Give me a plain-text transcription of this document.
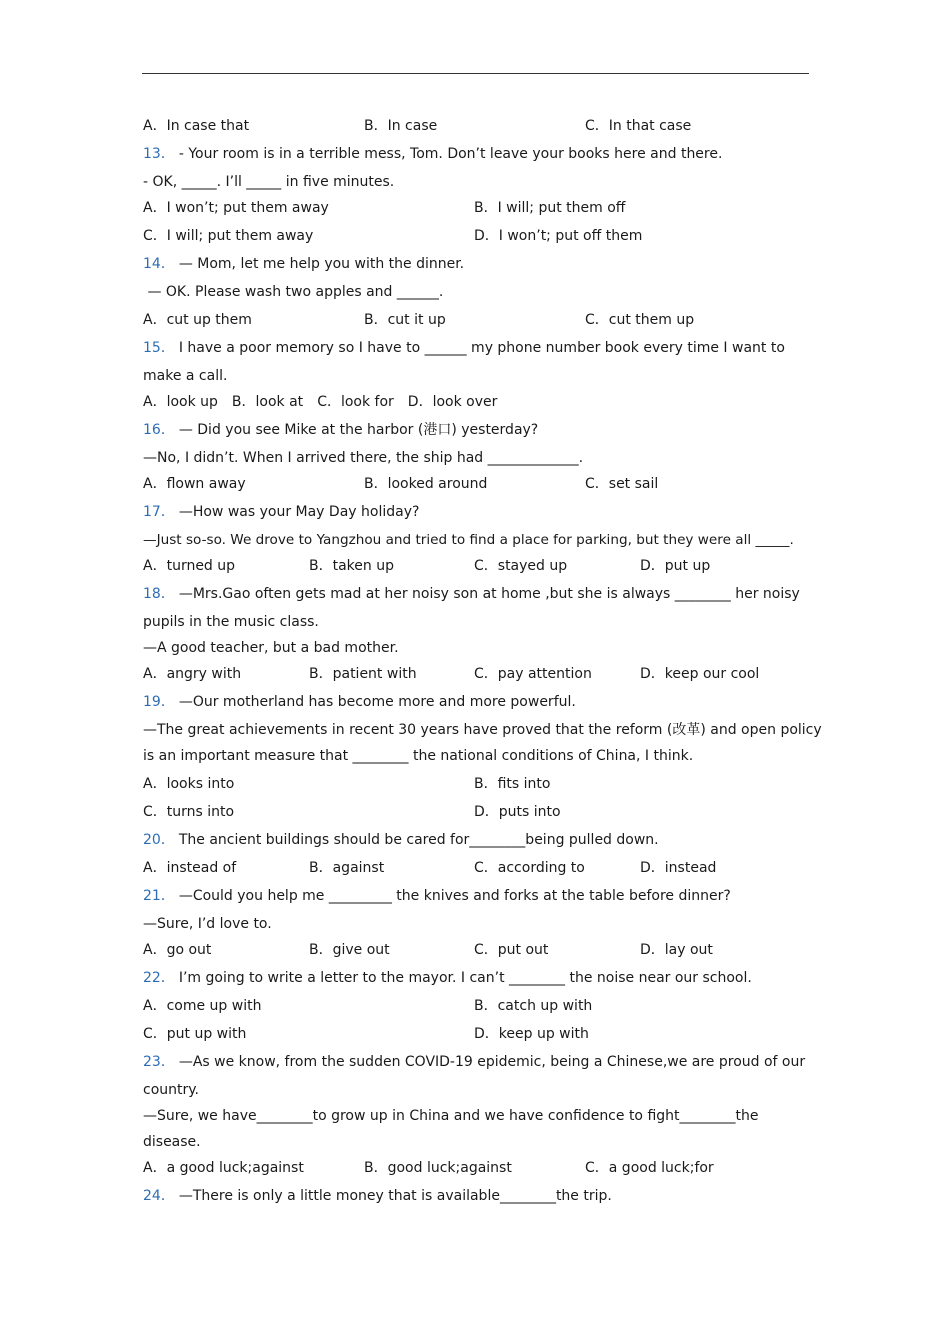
A．In case that	B．In case	C．In that case
13． - Your room is in a terrible mess, Tom. Don’t leave your books here and there.
- OK, _____. I’ll _____ in five minutes.
A．I won’t; put them away	B．I will; put them off
C．I will; put them away	D．I won’t; put off them
14． — Mom, let me help you with the dinner.
— OK. Please wash two apples and ______.
A．cut up them	B．cut it up	C．cut them up
15． I have a poor memory so I have to ______ my phone number book every time I want to
make a call.
A．look up B．look at C．look for D．look over
16． — Did you see Mike at the harbor (港口) yesterday?
—No, I didn’t. When I arrived there, the ship had _____________.
A．flown away	B．looked around	C．set sail
17． —How was your May Day holiday?
—Just so-so. We drove to Yangzhou and tried to find a place for parking, but they were all _____.
A．turned up	B．taken up	C．stayed up	D．put up
18． —Mrs.Gao often gets mad at her noisy son at home ,but she is always ________ her noisy
pupils in the music class.
—A good teacher, but a bad mother.
A．angry with	B．patient with	C．pay attention	D．keep our cool
19． —Our motherland has become more and more powerful.
—The great achievements in recent 30 years have proved that the reform (改革) and open policy
is an important measure that ________ the national conditions of China, I think.
A．looks into	B．fits into
C．turns into	D．puts into
20． The ancient buildings should be cared for________being pulled down.
A．instead of	B．against	C．according to	D．instead
21． —Could you help me _________ the knives and forks at the table before dinner?
—Sure, I’d love to.
A．go out	B．give out	C．put out	D．lay out
22． I’m going to write a letter to the mayor. I can’t ________ the noise near our school.
A．come up with	B．catch up with
C．put up with	D．keep up with
23． —As we know, from the sudden COVID-19 epidemic, being a Chinese,we are proud of our
country.
—Sure, we have________to grow up in China and we have confidence to fight________the
disease.
A．a good luck;against	B．good luck;against	C．a good luck;for
24． —There is only a little money that is available________the trip.
